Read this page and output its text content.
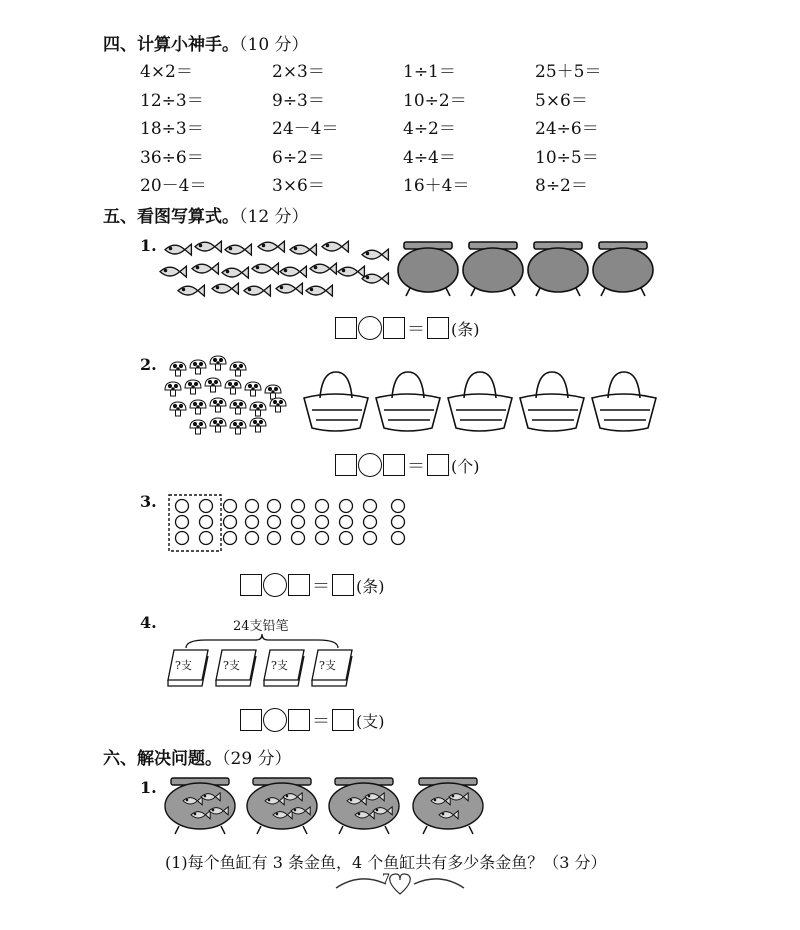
四、计算小神手。（10 分）
4×2＝	2×3＝	1÷1＝	25＋5＝
12÷3＝	9÷3＝	10÷2＝	5×6＝
18÷3＝	24－4＝	4÷2＝	24÷6＝
36÷6＝	6÷2＝	4÷4＝	10÷5＝
20－4＝	3×6＝	16＋4＝	8÷2＝
五、看图写算式。（12 分）
1.
＝ (条)
2.
＝ (个)
3.
＝ (条)
4.	24支铅笔
?支	?支	?支	?支
＝ (支)
六、解决问题。（29 分）
1.
(1)每个鱼缸有 3 条金鱼，4 个鱼缸共有多少条金鱼？（3 分）
7
